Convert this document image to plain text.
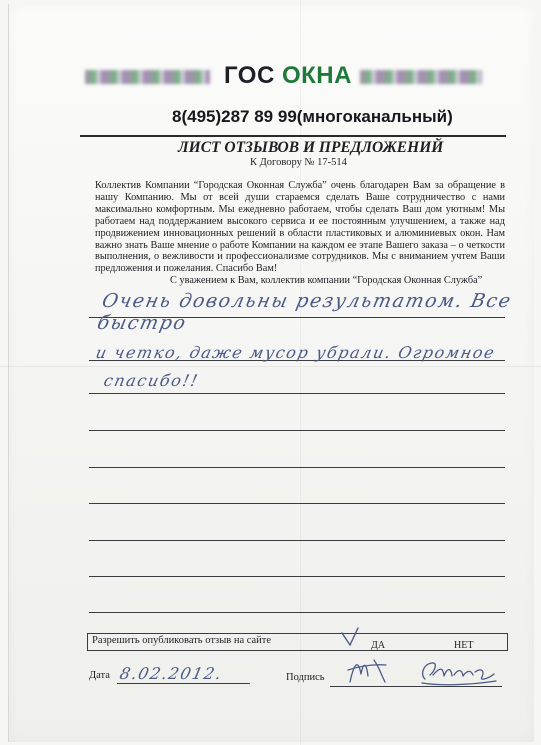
ГОС ОКНА
8(495)287 89 99(многоканальный)
ЛИСТ ОТЗЫВОВ И ПРЕДЛОЖЕНИЙ
К Договору № 17-514
Коллектив Компании “Городская Оконная Служба” очень благодарен Вам за обращение в нашу Компанию. Мы от всей души стараемся сделать Ваше сотрудничество с нами максимально комфортным. Мы ежедневно работаем, чтобы сделать Ваш дом уютным! Мы работаем над поддержанием высокого сервиса и ее постоянным улучшением, а также над продвижением инновационных решений в области пластиковых и алюминиевых окон. Нам важно знать Ваше мнение о работе Компании на каждом ее этапе Вашего заказа – о четкости выполнения, о вежливости и профессионализме сотрудников. Мы с вниманием учтем Ваши предложения и пожелания. Спасибо Вам!
С уважением к Вам, коллектив компании “Городская Оконная Служба”
Очень довольны результатом. Все быстро
и четко, даже мусор убрали. Огромное
спасибо!!
Разрешить опубликовать отзыв на сайте	ДА	НЕТ
Дата 8.02.2012.	Подпись
